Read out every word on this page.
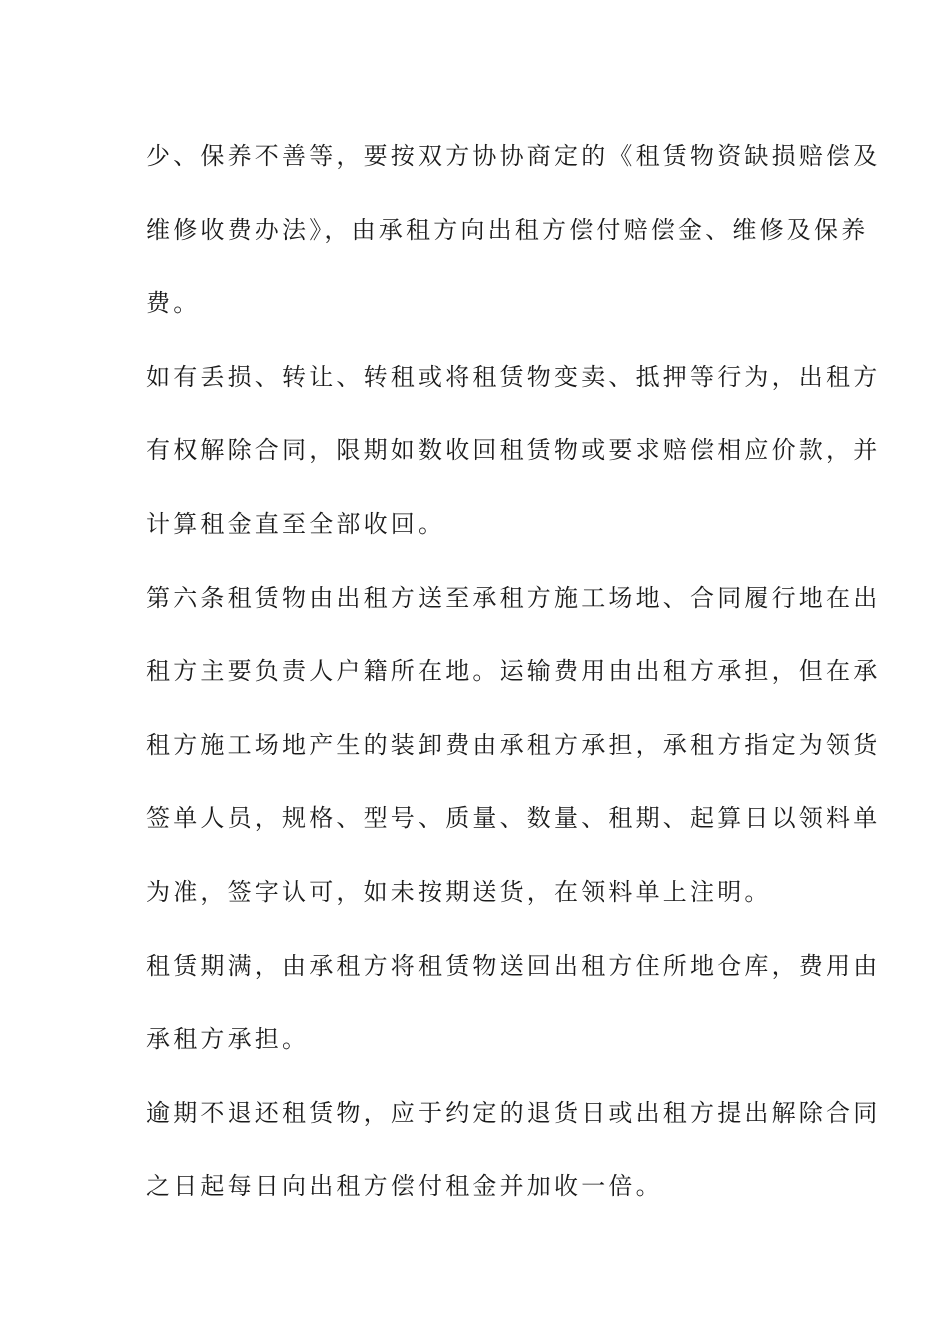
少、保养不善等，要按双方协协商定的《租赁物资缺损赔偿及
维修收费办法》，由承租方向出租方偿付赔偿金、维修及保养
费。
如有丢损、转让、转租或将租赁物变卖、抵押等行为，出租方
有权解除合同，限期如数收回租赁物或要求赔偿相应价款，并
计算租金直至全部收回。
第六条租赁物由出租方送至承租方施工场地、合同履行地在出
租方主要负责人户籍所在地。运输费用由出租方承担，但在承
租方施工场地产生的装卸费由承租方承担，承租方指定为领货
签单人员，规格、型号、质量、数量、租期、起算日以领料单
为准，签字认可，如未按期送货，在领料单上注明。
租赁期满，由承租方将租赁物送回出租方住所地仓库，费用由
承租方承担。
逾期不退还租赁物，应于约定的退货日或出租方提出解除合同
之日起每日向出租方偿付租金并加收一倍。
